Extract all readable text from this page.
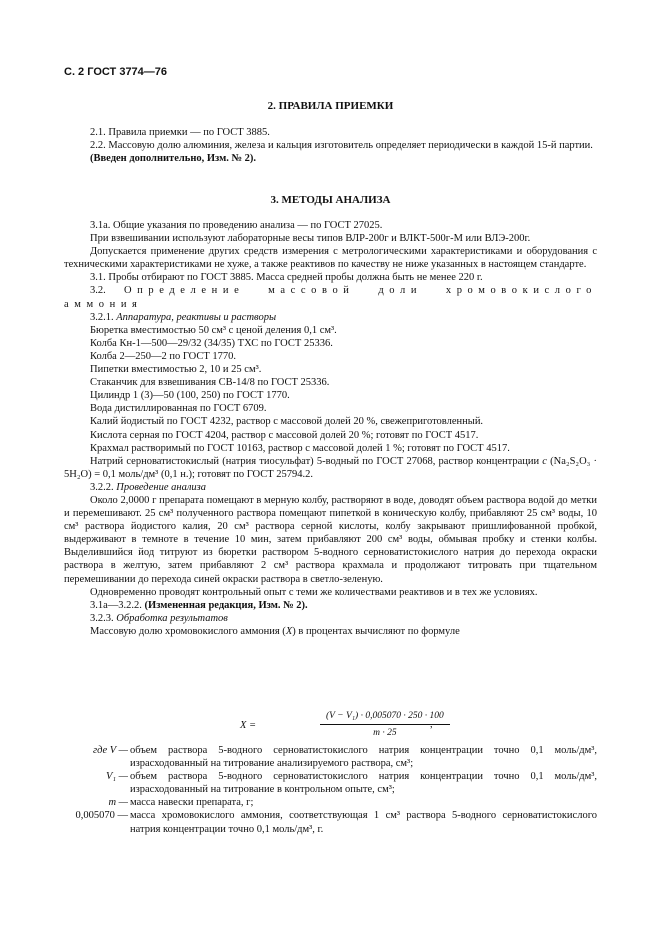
С. 2 ГОСТ 3774—76
2. ПРАВИЛА ПРИЕМКИ

2.1. Правила приемки — по ГОСТ 3885.

2.2. Массовую долю алюминия, железа и кальция изготовитель определяет периодически в каждой 15-й партии.

(Введен дополнительно, Изм. № 2).

3. МЕТОДЫ АНАЛИЗА

3.1а. Общие указания по проведению анализа — по ГОСТ 27025.

При взвешивании используют лабораторные весы типов ВЛР-200г и ВЛКТ-500г-М или ВЛЭ-200г.

Допускается применение других средств измерения с метрологическими характеристиками и оборудования с техническими характеристиками не хуже, а также реактивов по качеству не ниже указанных в настоящем стандарте.

3.1. Пробы отбирают по ГОСТ 3885. Масса средней пробы должна быть не менее 220 г.

3.2. Определение массовой доли хромовокислого аммония

3.2.1. Аппаратура, реактивы и растворы

Бюретка вместимостью 50 см³ с ценой деления 0,1 см³.

Колба Кн-1—500—29/32 (34/35) ТХС по ГОСТ 25336.

Колба 2—250—2 по ГОСТ 1770.

Пипетки вместимостью 2, 10 и 25 см³.

Стаканчик для взвешивания СВ-14/8 по ГОСТ 25336.

Цилиндр 1 (3)—50 (100, 250) по ГОСТ 1770.

Вода дистиллированная по ГОСТ 6709.

Калий йодистый по ГОСТ 4232, раствор с массовой долей 20 %, свежеприготовленный.

Кислота серная по ГОСТ 4204, раствор с массовой долей 20 %; готовят по ГОСТ 4517.

Крахмал растворимый по ГОСТ 10163, раствор с массовой долей 1 %; готовят по ГОСТ 4517.

Натрий серноватистокислый (натрия тиосульфат) 5-водный по ГОСТ 27068, раствор концентрации c (Na₂S₂O₃ · 5H₂O) = 0,1 моль/дм³ (0,1 н.); готовят по ГОСТ 25794.2.

3.2.2. Проведение анализа

Около 2,0000 г препарата помещают в мерную колбу, растворяют в воде, доводят объем раствора водой до метки и перемешивают. 25 см³ полученного раствора помещают пипеткой в коническую колбу, прибавляют 25 см³ воды, 10 см³ раствора йодистого калия, 20 см³ раствора серной кислоты, колбу закрывают пришлифованной пробкой, выдерживают в темноте в течение 10 мин, затем прибавляют 200 см³ воды, обмывая пробку и стенки колбы. Выделившийся йод титруют из бюретки раствором 5-водного серноватистокислого натрия до перехода окраски раствора в желтую, затем прибавляют 2 см³ раствора крахмала и продолжают титровать при тщательном перемешивании до перехода синей окраски раствора в светло-зеленую.

Одновременно проводят контрольный опыт с теми же количествами реактивов и в тех же условиях.

3.1а—3.2.2. (Измененная редакция, Изм. № 2).

3.2.3. Обработка результатов

Массовую долю хромовокислого аммония (X) в процентах вычисляют по формуле

X =	$\frac{\text{(V − V₁) · 0,005070 · 250 · 100}}{m \cdot 25}$
,
где V — объем раствора 5-водного серноватистокислого натрия концентрации точно 0,1 моль/дм³, израсходованный на титрование анализируемого раствора, см³;
V₁ — объем раствора 5-водного серноватистокислого натрия концентрации точно 0,1 моль/дм³, израсходованный на титрование в контрольном опыте, см³;
m — масса навески препарата, г;
0,005070 — масса хромовокислого аммония, соответствующая 1 см³ раствора 5-водного серноватистокислого натрия концентрации точно 0,1 моль/дм³, г.
